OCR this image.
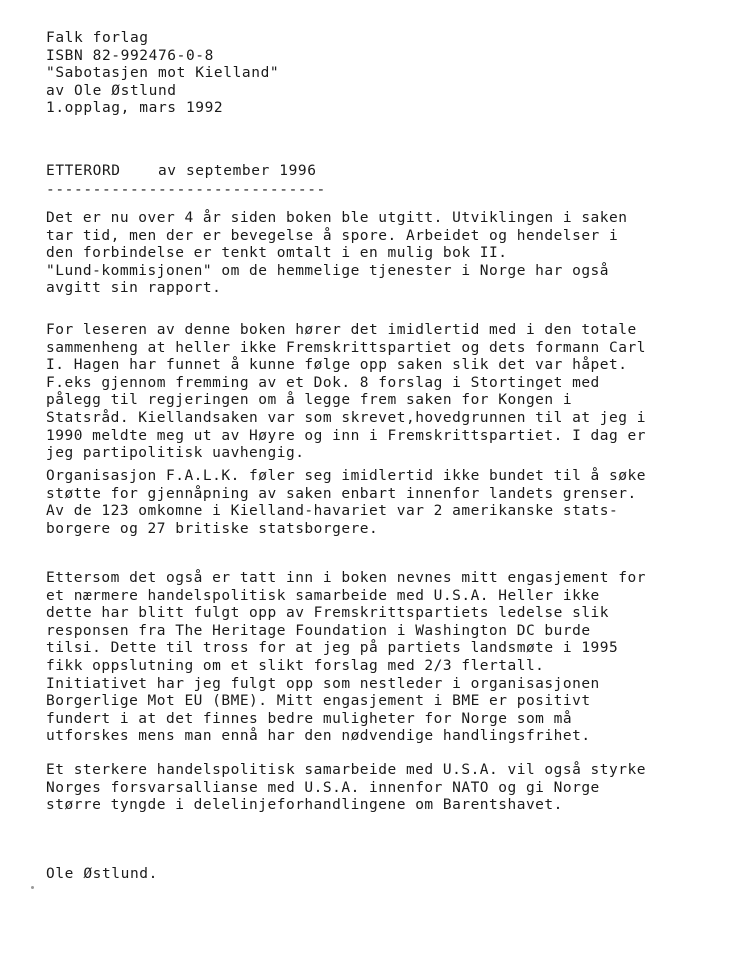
Falk forlag
ISBN 82-992476-0-8
"Sabotasjen mot Kielland"
av Ole Østlund
1.opplag, mars 1992
ETTERORD    av september 1996
------------------------------
Det er nu over 4 år siden boken ble utgitt. Utviklingen i saken
tar tid, men der er bevegelse å spore. Arbeidet og hendelser i
den forbindelse er tenkt omtalt i en mulig bok II.
"Lund-kommisjonen" om de hemmelige tjenester i Norge har også
avgitt sin rapport.
For leseren av denne boken hører det imidlertid med i den totale
sammenheng at heller ikke Fremskrittspartiet og dets formann Carl
I. Hagen har funnet å kunne følge opp saken slik det var håpet.
F.eks gjennom fremming av et Dok. 8 forslag i Stortinget med
pålegg til regjeringen om å legge frem saken for Kongen i
Statsråd. Kiellandsaken var som skrevet,hovedgrunnen til at jeg i
1990 meldte meg ut av Høyre og inn i Fremskrittspartiet. I dag er
jeg partipolitisk uavhengig.
Organisasjon F.A.L.K. føler seg imidlertid ikke bundet til å søke
støtte for gjennåpning av saken enbart innenfor landets grenser.
Av de 123 omkomne i Kielland-havariet var 2 amerikanske stats-
borgere og 27 britiske statsborgere.
Ettersom det også er tatt inn i boken nevnes mitt engasjement for
et nærmere handelspolitisk samarbeide med U.S.A. Heller ikke
dette har blitt fulgt opp av Fremskrittspartiets ledelse slik
responsen fra The Heritage Foundation i Washington DC burde
tilsi. Dette til tross for at jeg på partiets landsmøte i 1995
fikk oppslutning om et slikt forslag med 2/3 flertall.
Initiativet har jeg fulgt opp som nestleder i organisasjonen
Borgerlige Mot EU (BME). Mitt engasjement i BME er positivt
fundert i at det finnes bedre muligheter for Norge som må
utforskes mens man ennå har den nødvendige handlingsfrihet.
Et sterkere handelspolitisk samarbeide med U.S.A. vil også styrke
Norges forsvarsallianse med U.S.A. innenfor NATO og gi Norge
større tyngde i delelinjeforhandlingene om Barentshavet.
Ole Østlund.
